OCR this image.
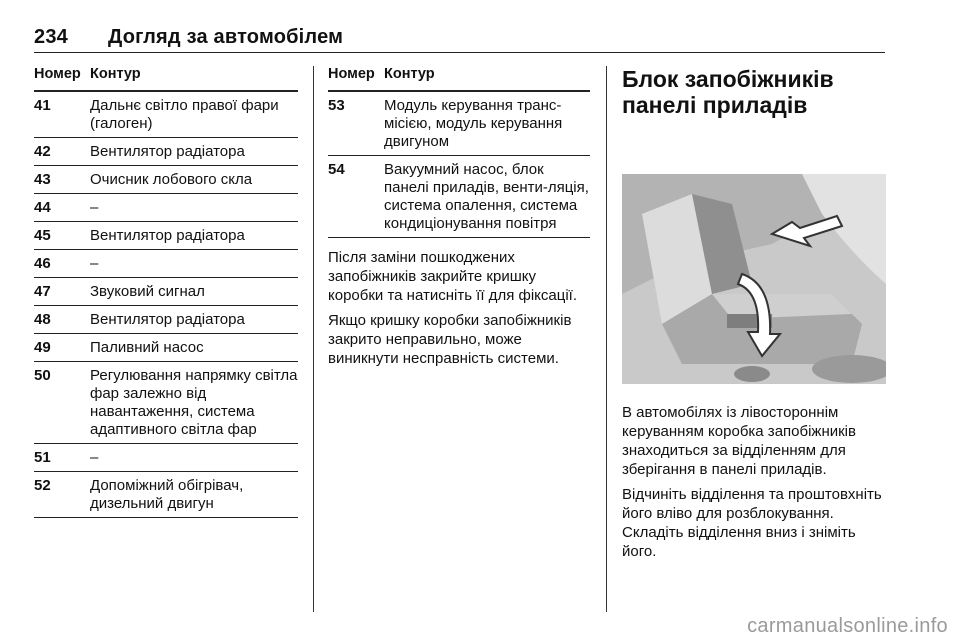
234 Догляд за автомобілем
Номер Контур
41	Дальнє світло правої фари (галоген)
42	Вентилятор радіатора
43	Очисник лобового скла
44	–
45	Вентилятор радіатора
46	–
47	Звуковий сигнал
48	Вентилятор радіатора
49	Паливний насос
50	Регулювання напрямку світла фар залежно від навантаження, система адаптивного світла фар
51	–
52	Допоміжний обігрівач, дизельний двигун
Номер Контур
53	Модуль керування транс-місією, модуль керування двигуном
54	Вакуумний насос, блок панелі приладів, венти-ляція, система опалення, система кондиціонування повітря

Після заміни пошкоджених запобіжників закрийте кришку коробки та натисніть її для фіксації.

Якщо кришку коробки запобіжників закрито неправильно, може виникнути несправність системи.

Блок запобіжників панелі приладів

В автомобілях із лівостороннім керуванням коробка запобіжників знаходиться за відділенням для зберігання в панелі приладів.

Відчиніть відділення та проштовхніть його вліво для розблокування. Складіть відділення вниз і зніміть його.

carmanualsonline.info
